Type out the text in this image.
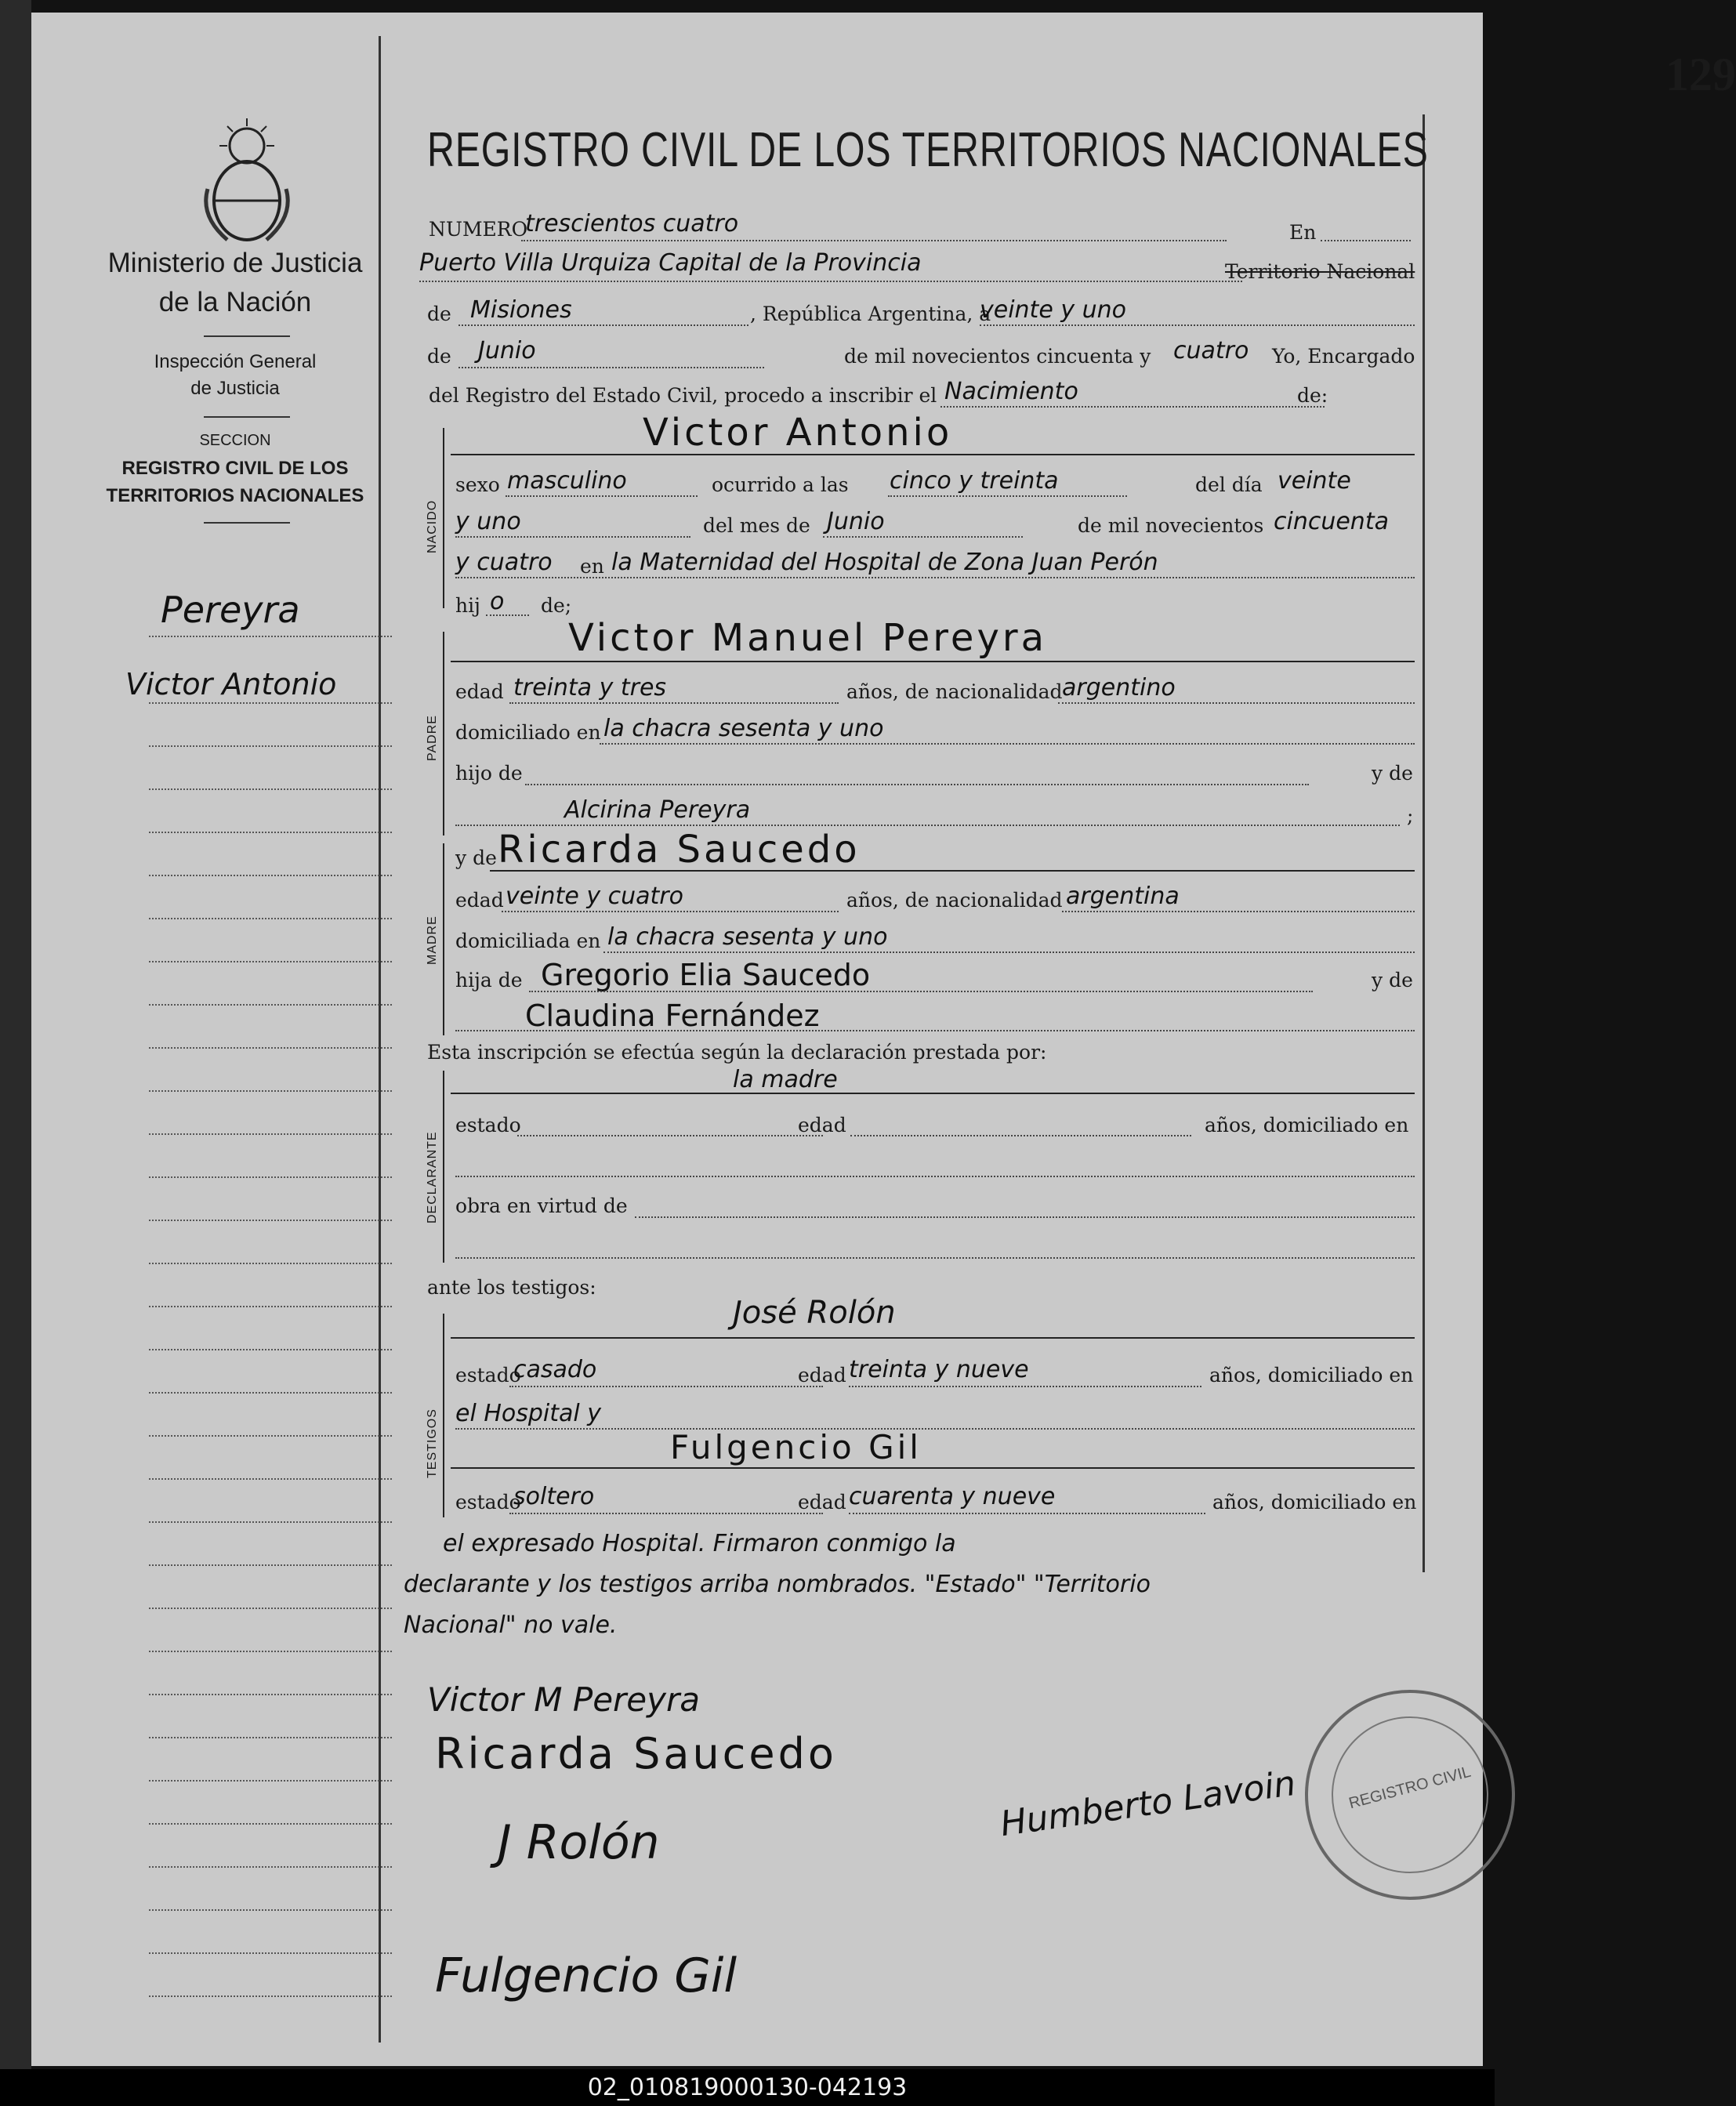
Ministerio de Justicia
de la Nación
Inspección General
de Justicia
SECCION
REGISTRO CIVIL DE LOS
TERRITORIOS NACIONALES
Pereyra
Victor Antonio
129
REGISTRO CIVIL DE LOS TERRITORIOS NACIONALES
NUMERO
trescientos cuatro	En
Puerto Villa Urquiza Capital de la Provincia	Territorio Nacional
de Misiones	, República Argentina, a
veinte y uno
de Junio	de mil novecientos cincuenta y cuatro Yo, Encargado
del Registro del Estado Civil, procedo a inscribir el Nacimiento	de:
NACIDO
Victor Antonio
sexo masculino	ocurrido a las cinco y treinta	del día veinte
y uno	del mes de Junio	de mil novecientos cincuenta
y cuatro en la Maternidad del Hospital de Zona Juan Perón
hij o de;
PADRE
Victor Manuel Pereyra
edad treinta y tres	años, de nacionalidad argentino
domiciliado en la chacra sesenta y uno
hijo de	y de
Alcirina Pereyra	;
MADRE
y de Ricarda Saucedo
edad veinte y cuatro	años, de nacionalidad argentina
domiciliada en la chacra sesenta y uno
hija de Gregorio Elia Saucedo	y de
Claudina Fernández
Esta inscripción se efectúa según la declaración prestada por:
DECLARANTE
la madre
estado	edad	años, domiciliado en
obra en virtud de
ante los testigos:
TESTIGOS
José Rolón
estado
casado	edad treinta y nueve	años, domiciliado en
el Hospital y
Fulgencio Gil
estado
soltero	edad cuarenta y nueve	años, domiciliado en
el expresado Hospital. Firmaron conmigo la
declarante y los testigos arriba nombrados. "Estado" "Territorio
Nacional" no vale.
Victor M Pereyra
Ricarda Saucedo
J Rolón
Fulgencio Gil
Humberto Lavoin	REGISTRO CIVIL
02_010819000130-042193
